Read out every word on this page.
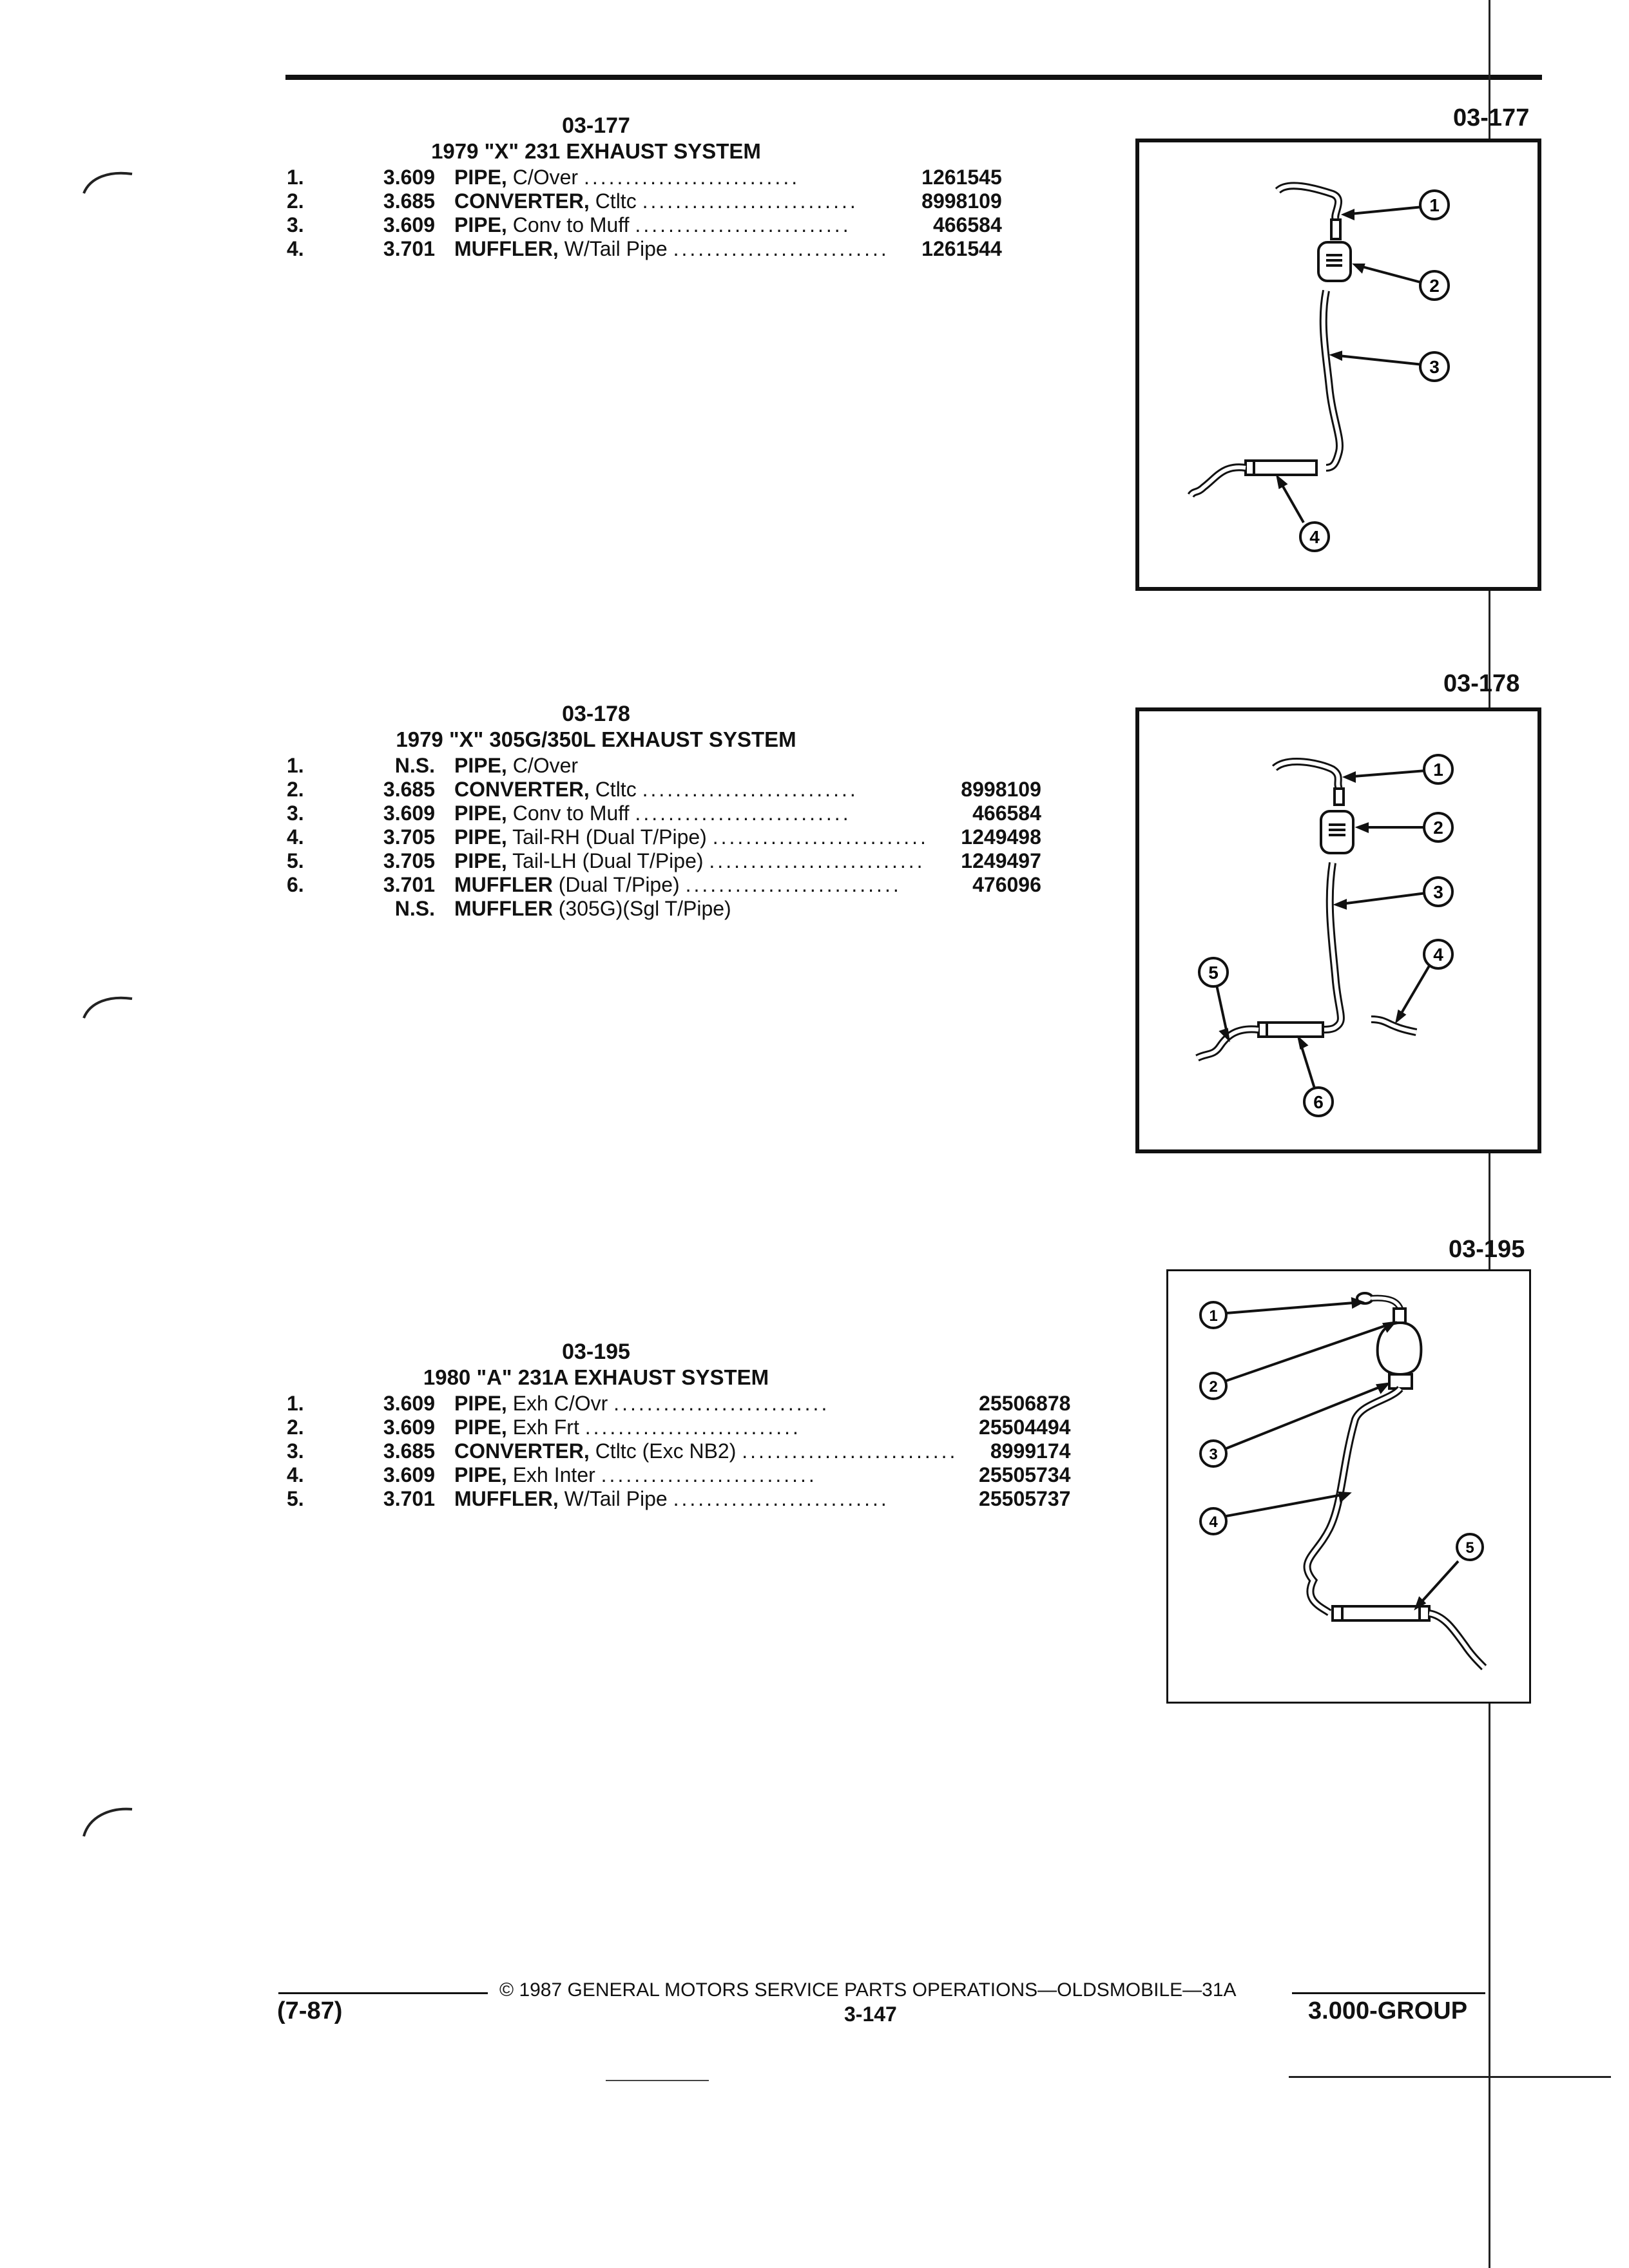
03-177
1979 "X" 231 EXHAUST SYSTEM
1.	3.609	PIPE, C/Over ..........................	1261545
2.	3.685	CONVERTER, Ctltc ..........................	8998109
3.	3.609	PIPE, Conv to Muff ..........................	466584
4.	3.701	MUFFLER, W/Tail Pipe ..........................	1261544
03-177
1
2
3
4
03-178
1979 "X" 305G/350L EXHAUST SYSTEM
1.	N.S.	PIPE, C/Over	
2.	3.685	CONVERTER, Ctltc ..........................	8998109
3.	3.609	PIPE, Conv to Muff ..........................	466584
4.	3.705	PIPE, Tail-RH (Dual T/Pipe) ..........................	1249498
5.	3.705	PIPE, Tail-LH (Dual T/Pipe) ..........................	1249497
6.	3.701	MUFFLER (Dual T/Pipe) ..........................	476096
	N.S.	MUFFLER (305G)(Sgl T/Pipe)	
03-178
1
2
3
4
5
6
03-195
1980 "A" 231A EXHAUST SYSTEM
1.	3.609	PIPE, Exh C/Ovr ..........................	25506878
2.	3.609	PIPE, Exh Frt ..........................	25504494
3.	3.685	CONVERTER, Ctltc (Exc NB2) ..........................	8999174
4.	3.609	PIPE, Exh Inter ..........................	25505734
5.	3.701	MUFFLER, W/Tail Pipe ..........................	25505737
03-195
1
2
3
4
5
© 1987 GENERAL MOTORS SERVICE PARTS OPERATIONS—OLDSMOBILE—31A
(7-87)	3-147	3.000-GROUP
